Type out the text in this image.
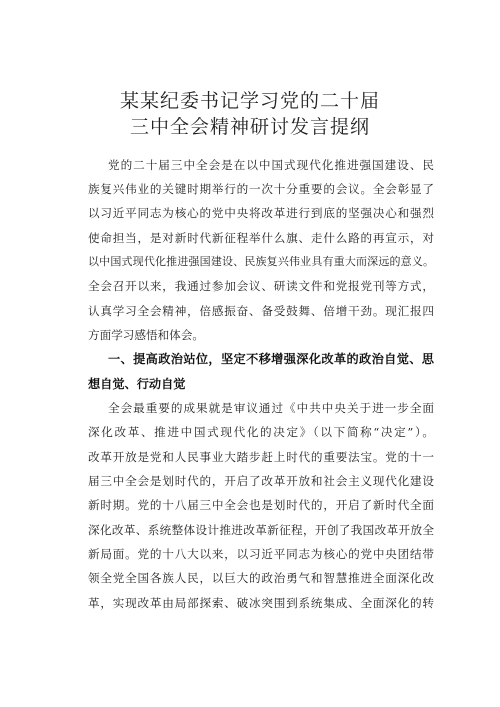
某某纪委书记学习党的二十届
三中全会精神研讨发言提纲
党的二十届三中全会是在以中国式现代化推进强国建设、民
族复兴伟业的关键时期举行的一次十分重要的会议。全会彰显了
以习近平同志为核心的党中央将改革进行到底的坚强决心和强烈
使命担当，是对新时代新征程举什么旗、走什么路的再宣示，对
以中国式现代化推进强国建设、民族复兴伟业具有重大而深远的意义。
全会召开以来，我通过参加会议、研读文件和党报党刊等方式，
认真学习全会精神，倍感振奋、备受鼓舞、倍增干劲。现汇报四
方面学习感悟和体会。
一、提高政治站位，坚定不移增强深化改革的政治自觉、思
想自觉、行动自觉
全会最重要的成果就是审议通过《中共中央关于进一步全面
深化改革、推进中国式现代化的决定》（以下简称“决定”）。
改革开放是党和人民事业大踏步赶上时代的重要法宝。党的十一
届三中全会是划时代的，开启了改革开放和社会主义现代化建设
新时期。党的十八届三中全会也是划时代的，开启了新时代全面
深化改革、系统整体设计推进改革新征程，开创了我国改革开放全
新局面。党的十八大以来，以习近平同志为核心的党中央团结带
领全党全国各族人民，以巨大的政治勇气和智慧推进全面深化改
革，实现改革由局部探索、破冰突围到系统集成、全面深化的转
